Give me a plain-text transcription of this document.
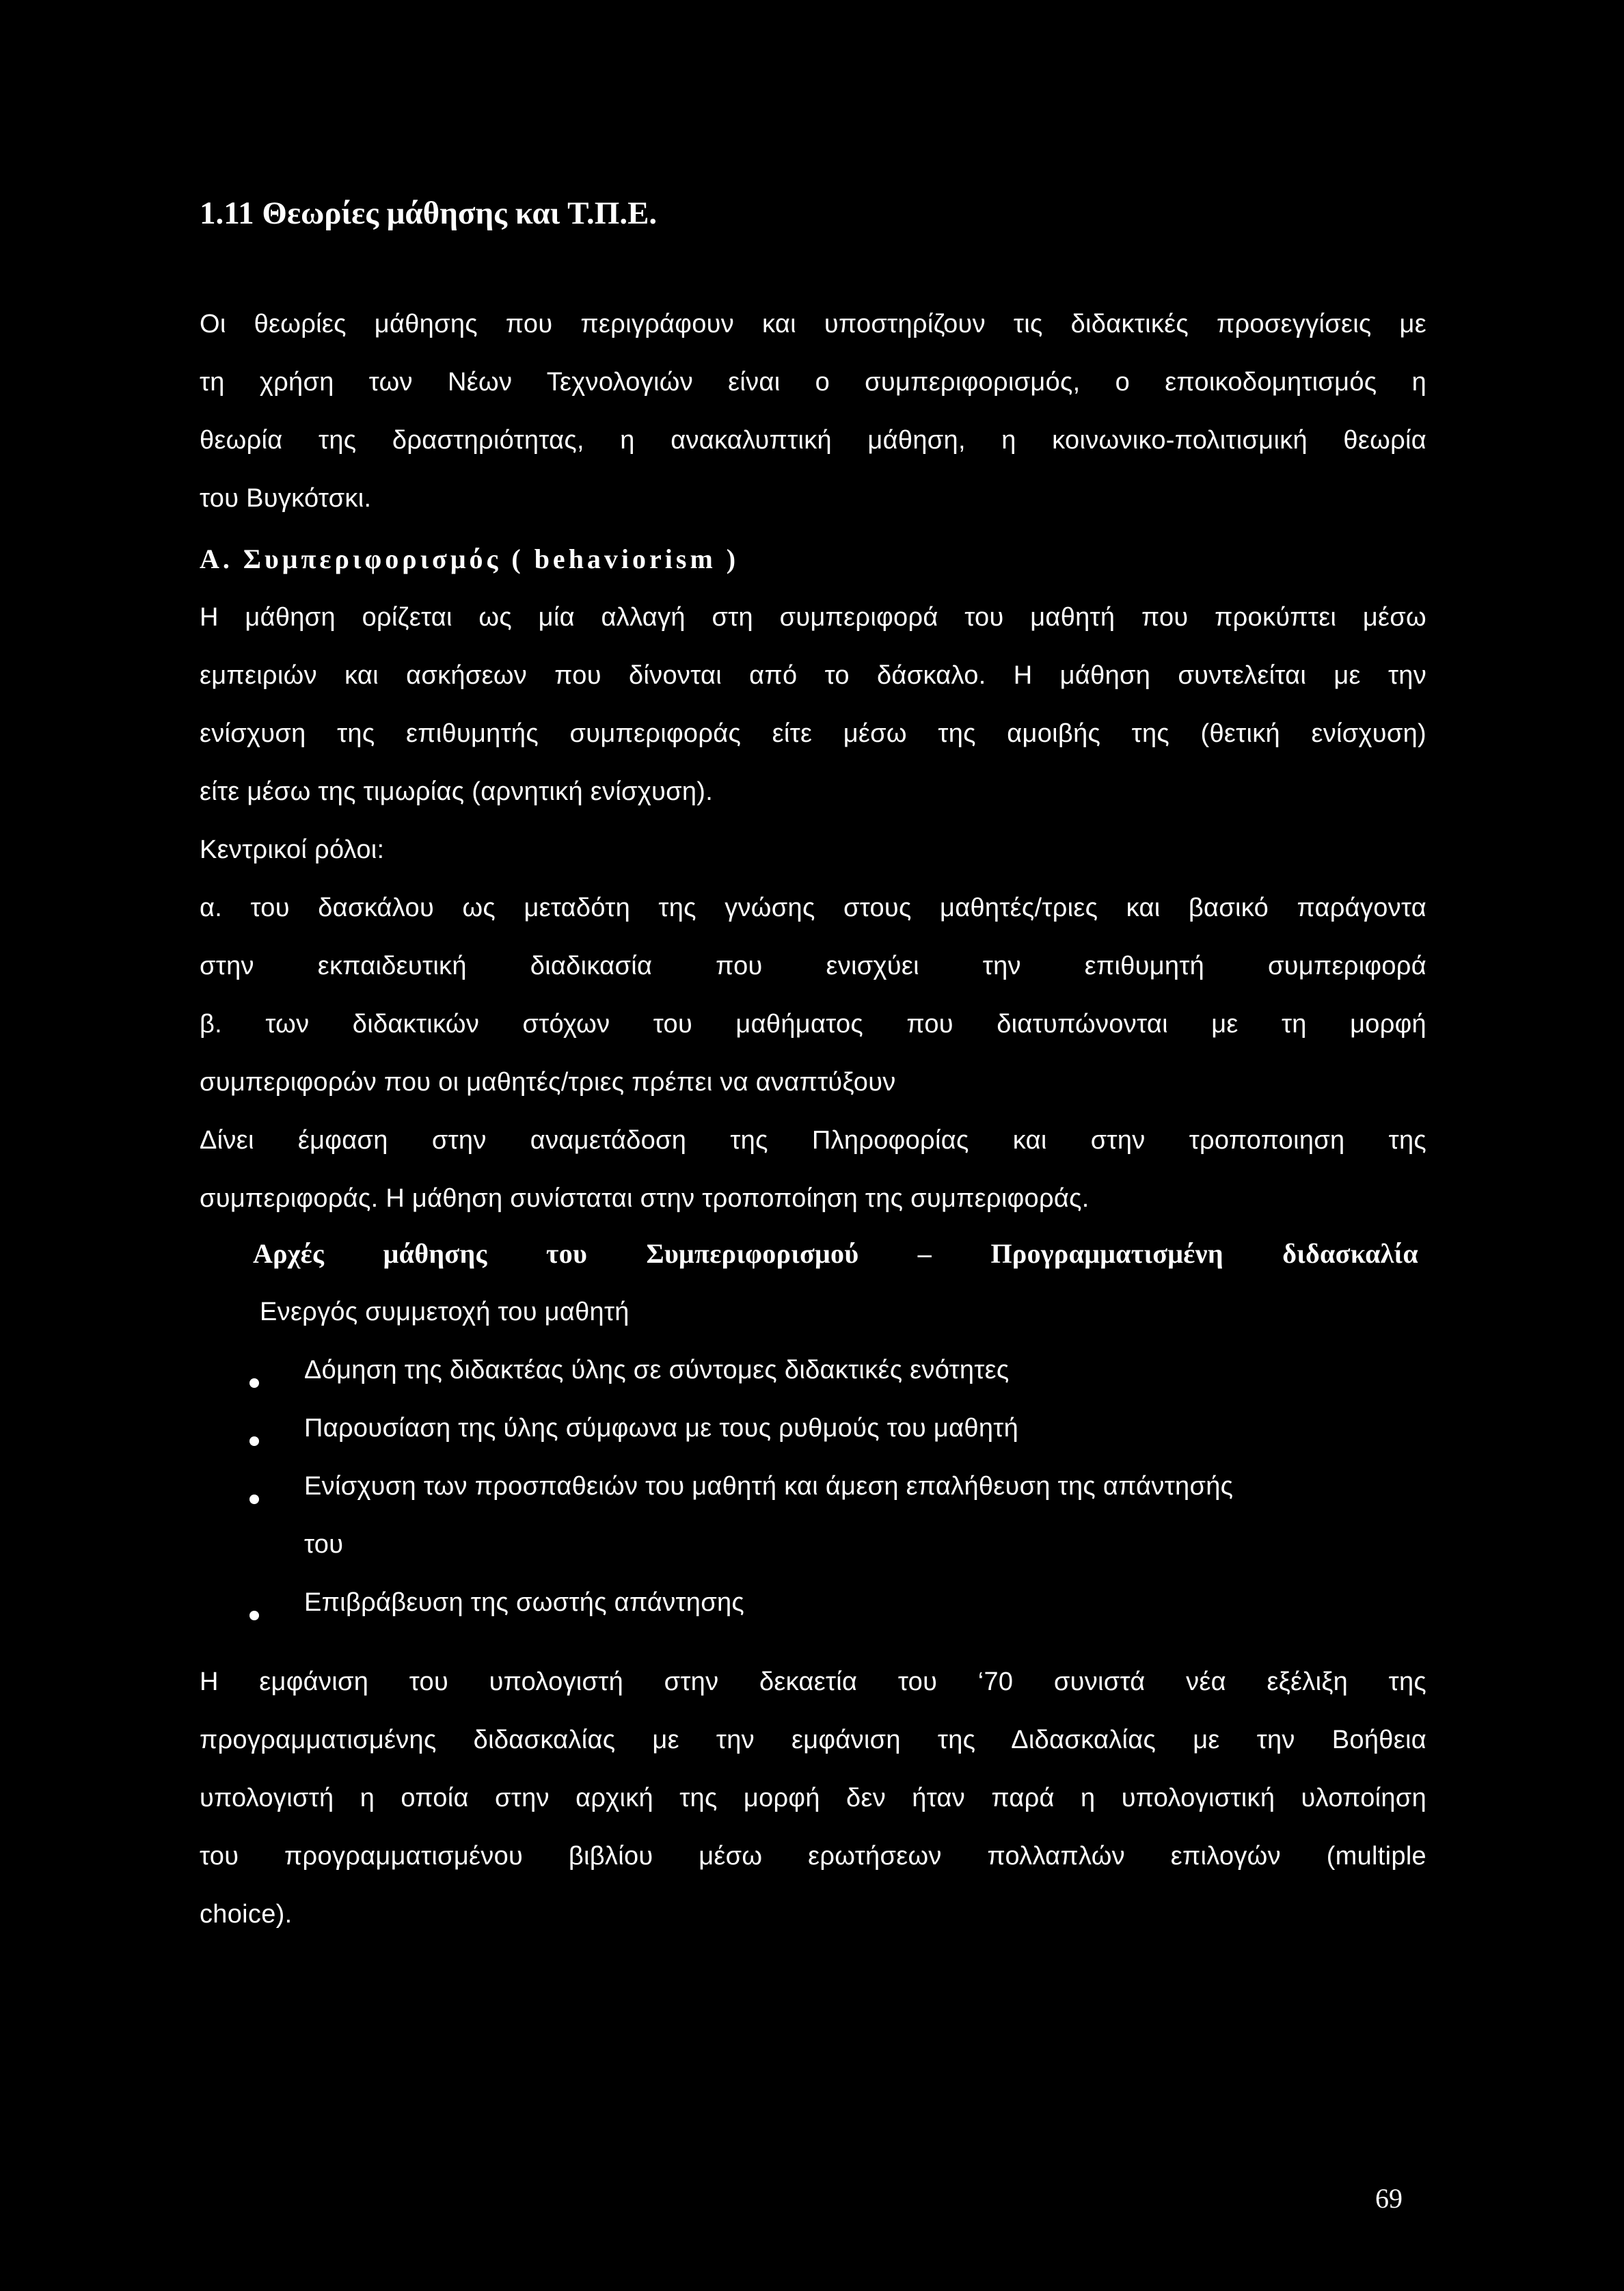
1.11 Θεωρίες μάθησης και Τ.Π.Ε.
Οι θεωρίες μάθησης που περιγράφουν και υποστηρίζουν τις διδακτικές προσεγγίσεις με
τη χρήση των Νέων Τεχνολογιών είναι ο συμπεριφορισμός, ο εποικοδομητισμός η
θεωρία της δραστηριότητας, η ανακαλυπτική μάθηση, η κοινωνικο-πολιτισμική θεωρία
του Βυγκότσκι.
Α. Συμπεριφορισμός ( behaviorism )
Η μάθηση ορίζεται ως μία αλλαγή στη συμπεριφορά του μαθητή που προκύπτει μέσω
εμπειριών και ασκήσεων που δίνονται από το δάσκαλο. Η μάθηση συντελείται με την
ενίσχυση της επιθυμητής συμπεριφοράς είτε μέσω της αμοιβής της (θετική ενίσχυση)
είτε μέσω της τιμωρίας (αρνητική ενίσχυση).
Κεντρικοί ρόλοι:
α. του δασκάλου ως μεταδότη της γνώσης στους μαθητές/τριες και βασικό παράγοντα
στην εκπαιδευτική διαδικασία που ενισχύει την επιθυμητή συμπεριφορά
β. των διδακτικών στόχων του μαθήματος που διατυπώνονται με τη μορφή
συμπεριφορών που οι μαθητές/τριες πρέπει να αναπτύξουν
Δίνει έμφαση στην αναμετάδοση της Πληροφορίας και στην τροποποιηση της
συμπεριφοράς. Η μάθηση συνίσταται στην τροποποίηση της συμπεριφοράς.
Αρχές μάθησης του Συμπεριφορισμού – Προγραμματισμένη διδασκαλία
Ενεργός συμμετοχή του μαθητή
Δόμηση της διδακτέας ύλης σε σύντομες διδακτικές ενότητες
Παρουσίαση της ύλης σύμφωνα με τους ρυθμούς του μαθητή
Ενίσχυση των προσπαθειών του μαθητή και άμεση επαλήθευση της απάντησής
του
Επιβράβευση της σωστής απάντησης
Η εμφάνιση του υπολογιστή στην δεκαετία του ‘70 συνιστά νέα εξέλιξη της
προγραμματισμένης διδασκαλίας με την εμφάνιση της Διδασκαλίας με την Βοήθεια
υπολογιστή η οποία στην αρχική της μορφή δεν ήταν παρά η υπολογιστική υλοποίηση
του προγραμματισμένου βιβλίου μέσω ερωτήσεων πολλαπλών επιλογών (multiple
choice).
69
